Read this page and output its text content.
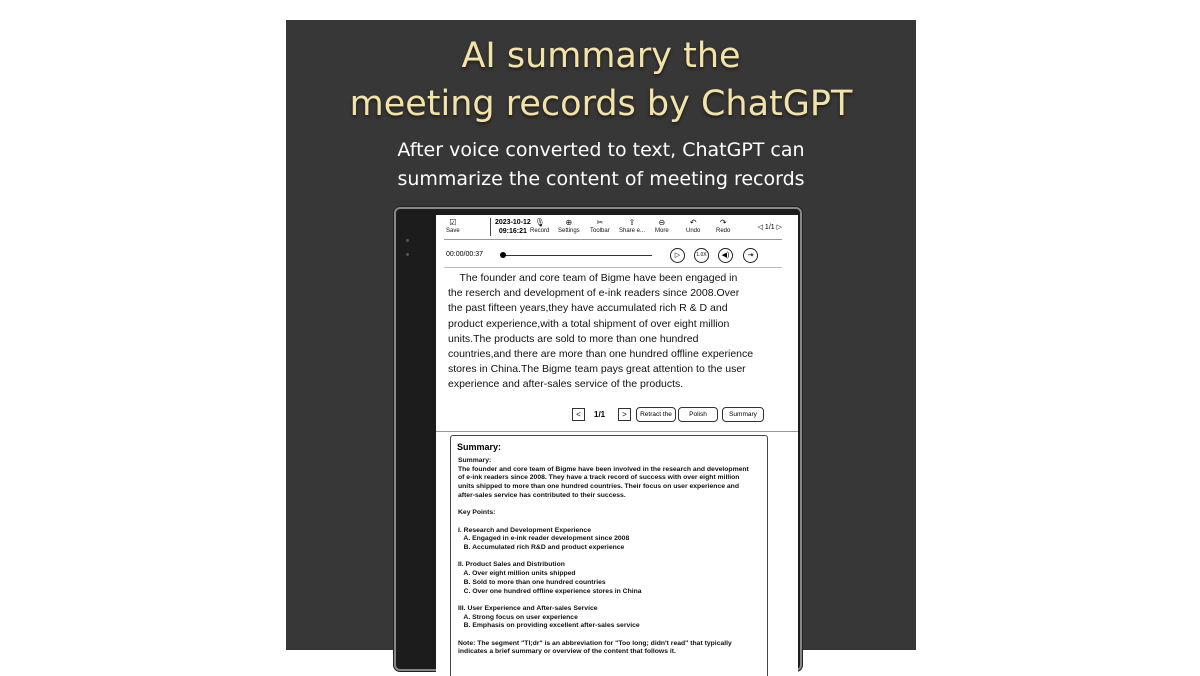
AI summary the
meeting records by ChatGPT
After voice converted to text, ChatGPT can
summarize the content of meeting records
☑
Save
2023-10-12
09:16:21
🎙
Record
⊕
Settings
✂
Toolbar
⇪
Share e...
⊖
More
↶
Undo
↷
Redo	◁ 1/1 ▷
00:00/00:37	▷	1.0X	◀)	⇥
The founder and core team of Bigme have been engaged in
the reserch and development of e-ink readers since 2008.Over
the past fifteen years,they have accumulated rich R & D and
product experience,with a total shipment of over eight million
units.The products are sold to more than one hundred
countries,and there are more than one hundred offline experience
stores in China.The Bigme team pays great attention to the user
experience and after-sales service of the products.
<	1/1	>	Retract the	Polish	Summary
Summary:
Summary:
The founder and core team of Bigme have been involved in the research and development
of e-ink readers since 2008. They have a track record of success with over eight million
units shipped to more than one hundred countries. Their focus on user experience and
after-sales service has contributed to their success.
Key Points:
I. Research and Development Experience
A. Engaged in e-ink reader development since 2008
B. Accumulated rich R&D and product experience
II. Product Sales and Distribution
A. Over eight million units shipped
B. Sold to more than one hundred countries
C. Over one hundred offline experience stores in China
III. User Experience and After-sales Service
A. Strong focus on user experience
B. Emphasis on providing excellent after-sales service
Note: The segment "Tl;dr" is an abbreviation for "Too long; didn't read" that typically
indicates a brief summary or overview of the content that follows it.
